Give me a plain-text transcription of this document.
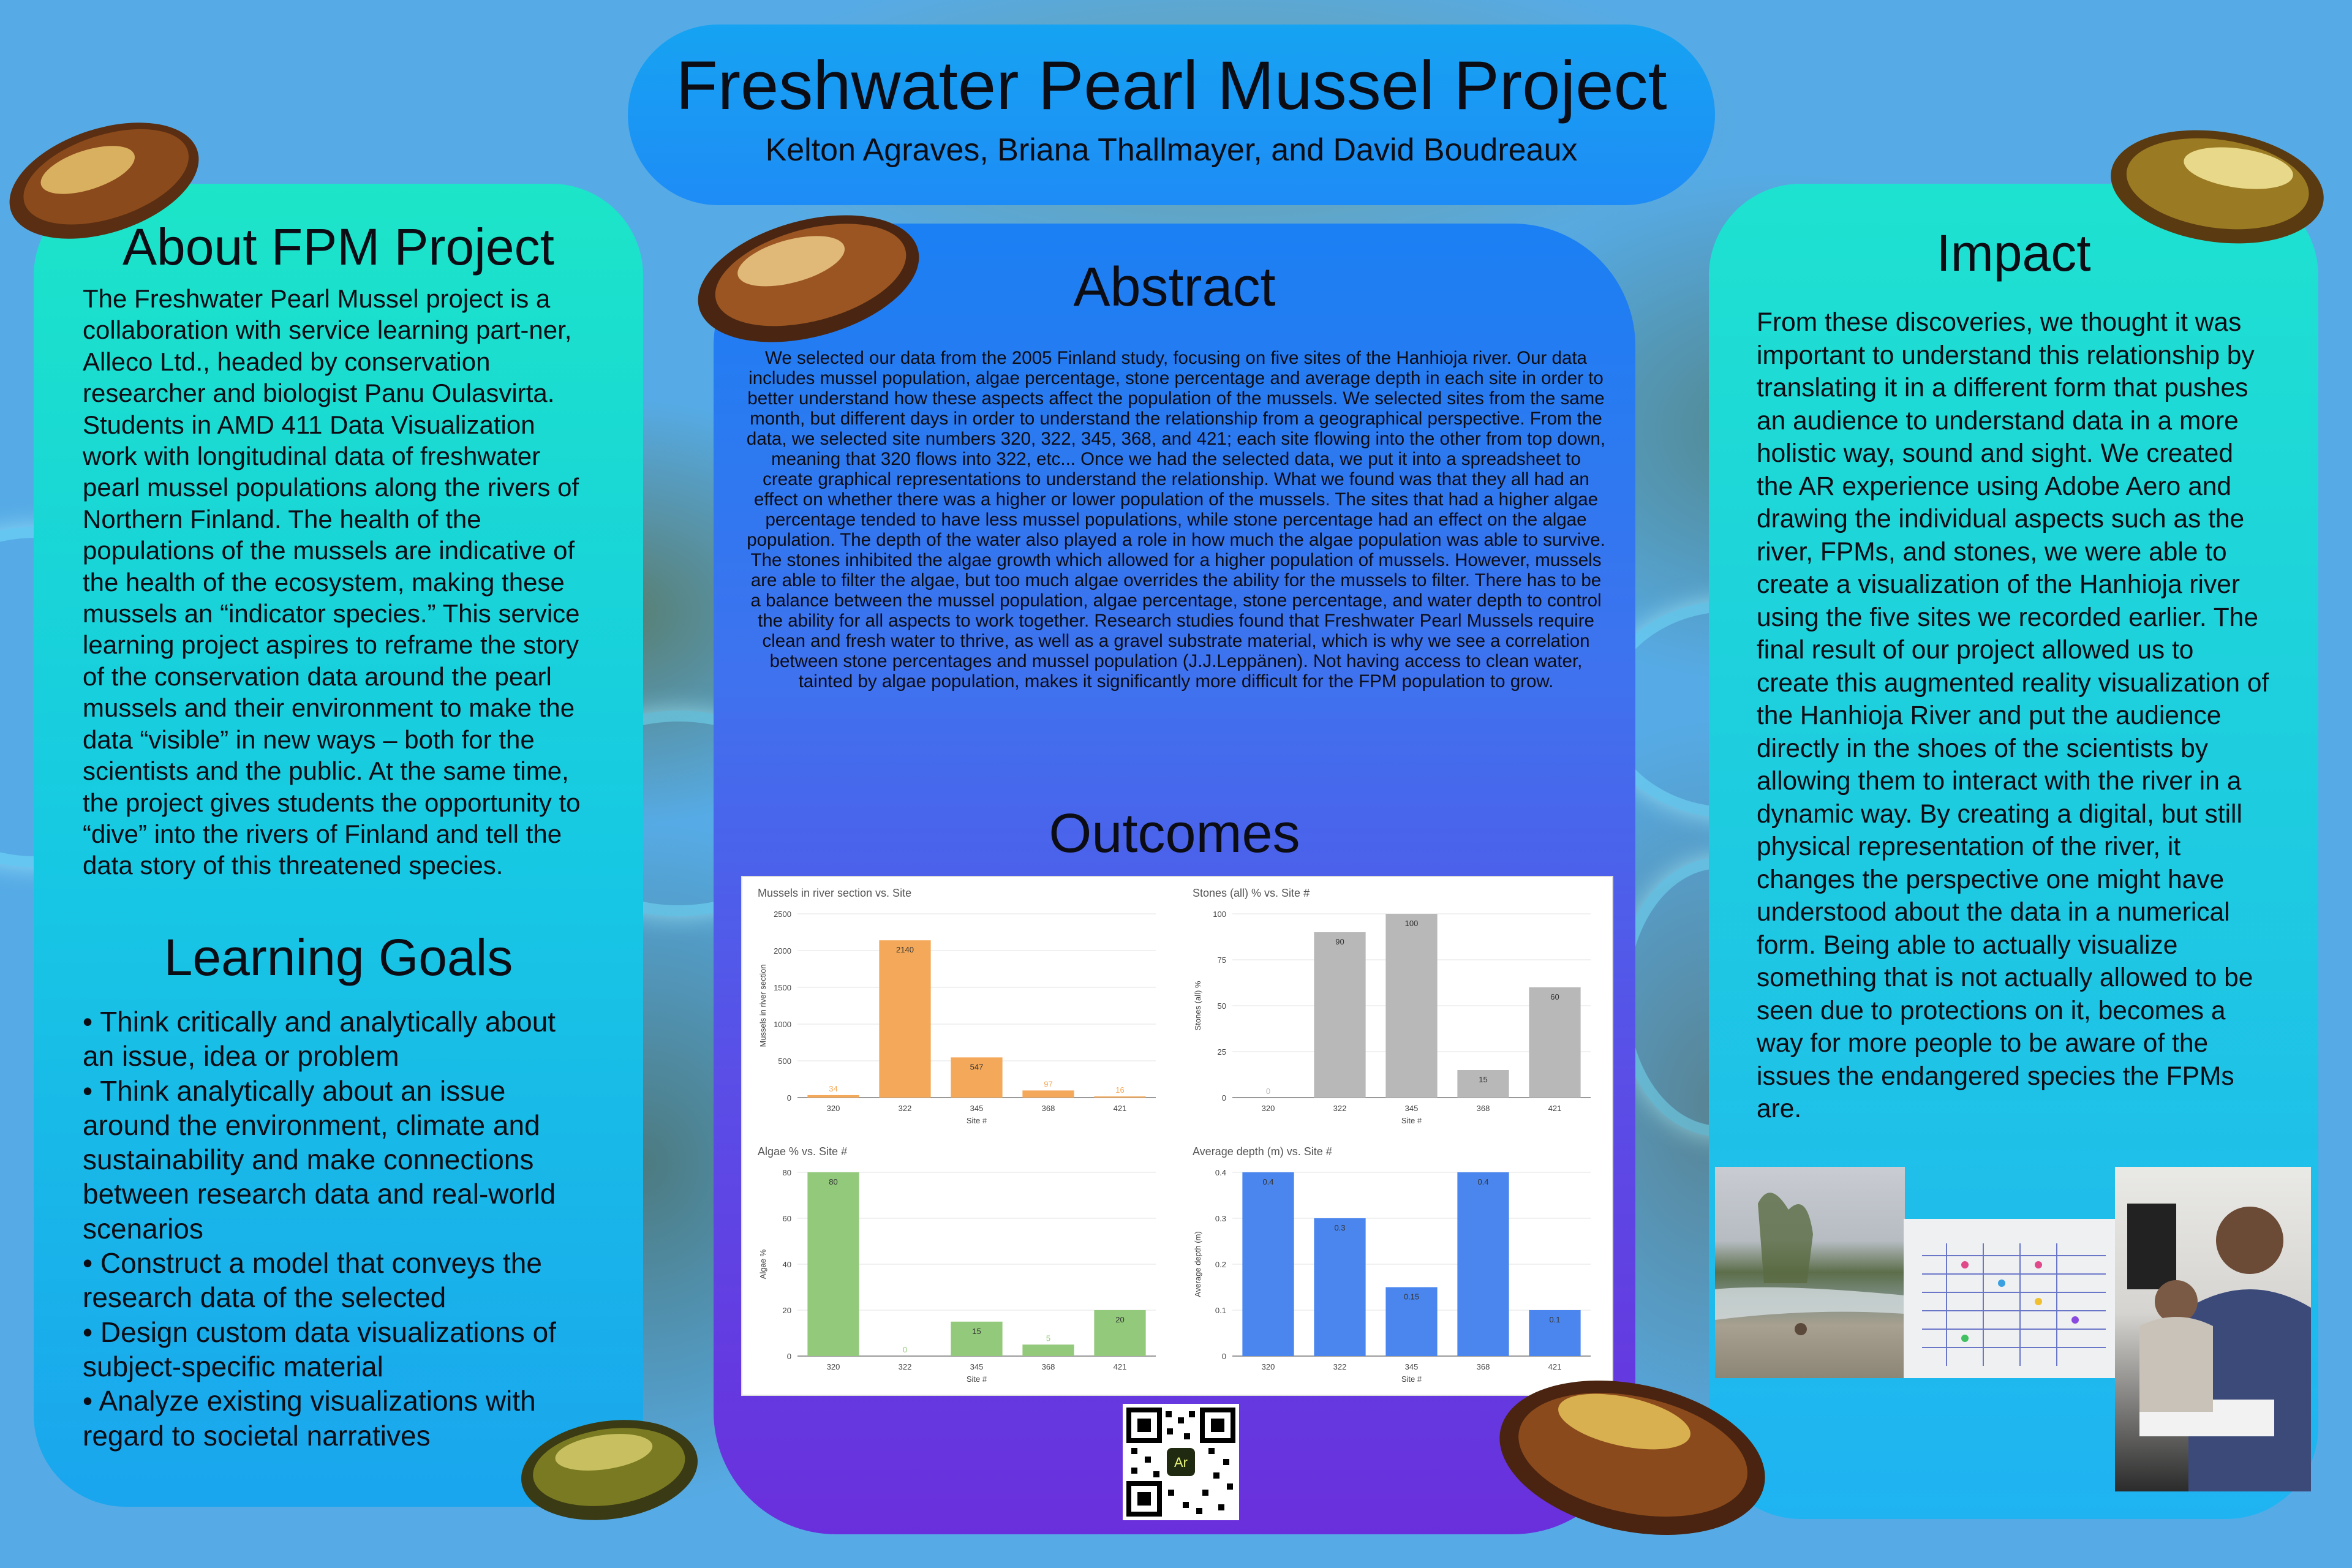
Freshwater Pearl Mussel Project
Kelton Agraves, Briana Thallmayer, and David Boudreaux
About FPM Project
The Freshwater Pearl Mussel project is a collaboration with service learning part-ner, Alleco Ltd., headed by conservation researcher and biologist Panu Oulasvirta. Students in AMD 411 Data Visualization work with longitudinal data of freshwater pearl mussel populations along the rivers of Northern Finland. The health of the populations of the mussels are indicative of the health of the ecosystem, making these mussels an “indicator species.” This service learning project aspires to reframe the story of the conservation data around the pearl mussels and their environment to make the data “visible” in new ways – both for the scientists and the public. At the same time, the project gives students the opportunity to “dive” into the rivers of Finland and tell the data story of this threatened species.
Learning Goals
• Think critically and analytically about an issue, idea or problem
• Think analytically about an issue around the environment, climate and sustainability and make connections between research data and real-world scenarios
• Construct a model that conveys the research data of the selected
• Design custom data visualizations of subject-specific material
• Analyze existing visualizations with regard to societal narratives
Abstract
We selected our data from the 2005 Finland study, focusing on five sites of the Hanhioja river. Our data includes mussel population, algae percentage, stone percentage and average depth in each site in order to better understand how these aspects affect the population of the mussels. We selected sites from the same month, but different days in order to understand the relationship from a geographical perspective. From the data, we selected site numbers 320, 322, 345, 368, and 421; each site flowing into the other from top down, meaning that 320 flows into 322, etc... Once we had the selected data, we put it into a spreadsheet to create graphical representations to understand the relationship. What we found was that they all had an effect on whether there was a higher or lower population of the mussels. The sites that had a higher algae percentage tended to have less mussel populations, while stone percentage had an effect on the algae population. The depth of the water also played a role in how much the algae population was able to survive. The stones inhibited the algae growth which allowed for a higher population of mussels. However, mussels are able to filter the algae, but too much algae overrides the ability for the mussels to filter. There has to be a balance between the mussel population, algae percentage, stone percentage, and water depth to control the ability for all aspects to work together. Research studies found that Freshwater Pearl Mussels require clean and fresh water to thrive, as well as a gravel substrate material, which is why we see a correlation between stone percentages and mussel population (J.J.Leppänen). Not having access to clean water, tainted by algae population, makes it significantly more difficult for the FPM population to grow.
Outcomes
Mussels in river section vs. Site
0
500
1000
1500
2000
2500
34
320
2140
322
547
345
97
368
16
421
Site #
Mussels in river section
Stones (all) % vs. Site #
0
25
50
75
100
0
320
90
322
100
345
15
368
60
421
Site #
Stones (all) %
Algae % vs. Site #
0
20
40
60
80
80
320
0
322
15
345
5
368
20
421
Site #
Algae %
Average depth (m) vs. Site #
0
0.1
0.2
0.3
0.4
0.4
320
0.3
322
0.15
345
0.4
368
0.1
421
Site #
Average depth (m)
Ar
Impact
From these discoveries, we thought it was important to understand this relationship by translating it in a different form that pushes an audience to understand data in a more holistic way, sound and sight. We created the AR experience using Adobe Aero and drawing the individual aspects such as the river, FPMs, and stones, we were able to create a visualization of the Hanhioja river using the five sites we recorded earlier. The final result of our project allowed us to create this augmented reality visualization of the Hanhioja River and put the audience directly in the shoes of the scientists by allowing them to interact with the river in a dynamic way. By creating a digital, but still physical representation of the river, it changes the perspective one might have understood about the data in a numerical form. Being able to actually visualize something that is not actually allowed to be seen due to protections on it, becomes a way for more people to be aware of the issues the endangered species the FPMs are.
